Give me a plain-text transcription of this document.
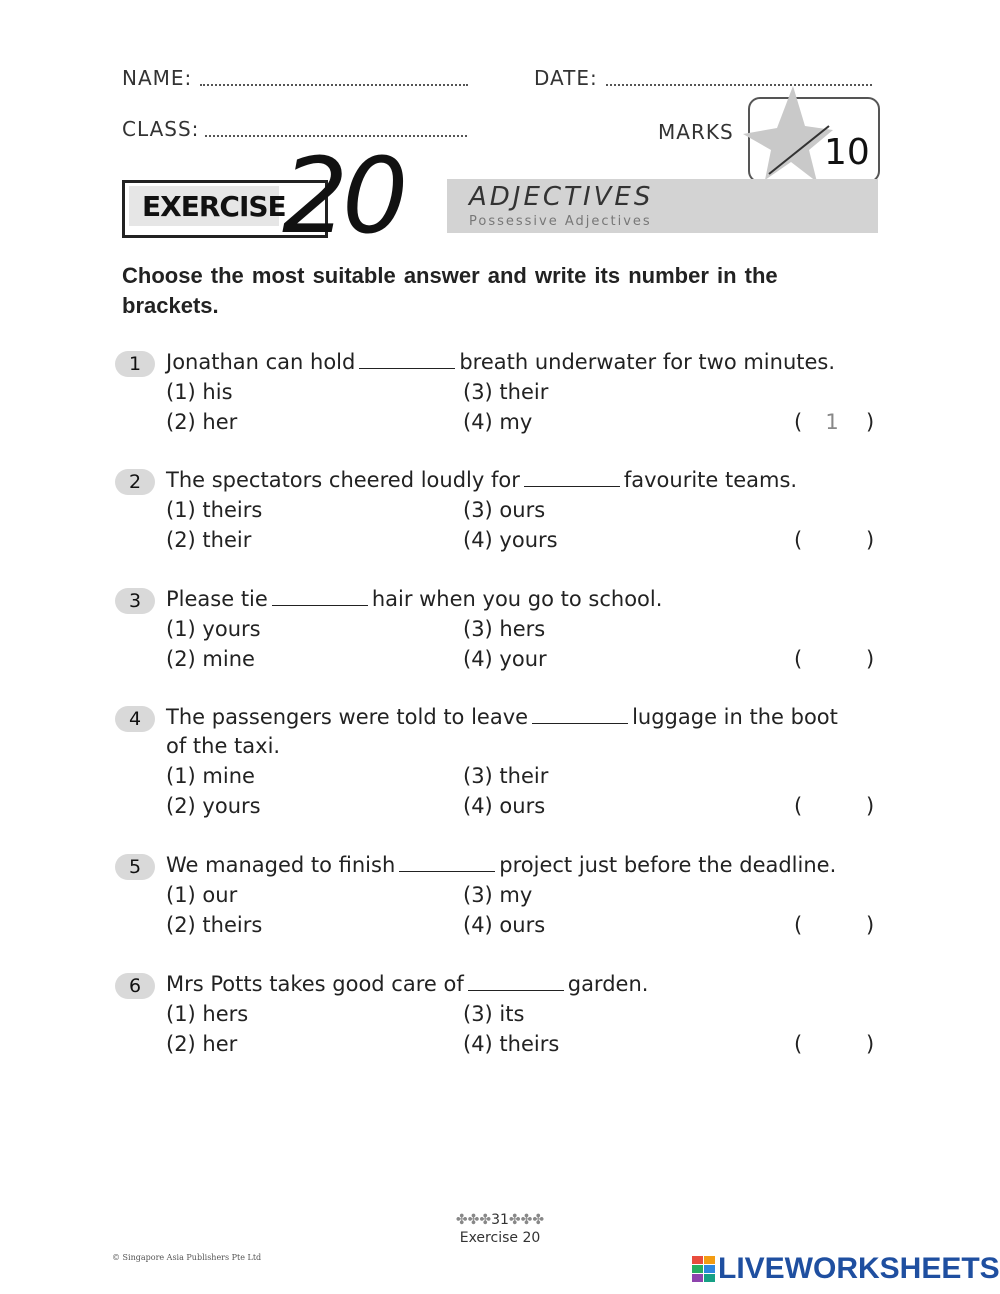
NAME:	DATE:
CLASS:	MARKS	10
EXERCISE
20	ADJECTIVES
Possessive Adjectives
Choose the most suitable answer and write its number in the brackets.
1	Jonathan can hold	breath underwater for two minutes.
(1) his
(2) her
(3) their
(4) my	(	1	)
2	The spectators cheered loudly for	favourite teams.
(1) theirs
(2) their
(3) ours
(4) yours	(	)
3	Please tie	hair when you go to school.
(1) yours
(2) mine
(3) hers
(4) your	(	)
4	The passengers were told to leave	luggage in the boot
of the taxi.
(1) mine
(2) yours
(3) their
(4) ours	(	)
5	We managed to finish	project just before the deadline.
(1) our
(2) theirs
(3) my
(4) ours	(	)
6	Mrs Potts takes good care of	garden.
(1) hers
(2) her
(3) its
(4) theirs	(	)
✤✤✤31✤✤✤
Exercise 20
© Singapore Asia Publishers Pte Ltd	LIVEWORKSHEETS
